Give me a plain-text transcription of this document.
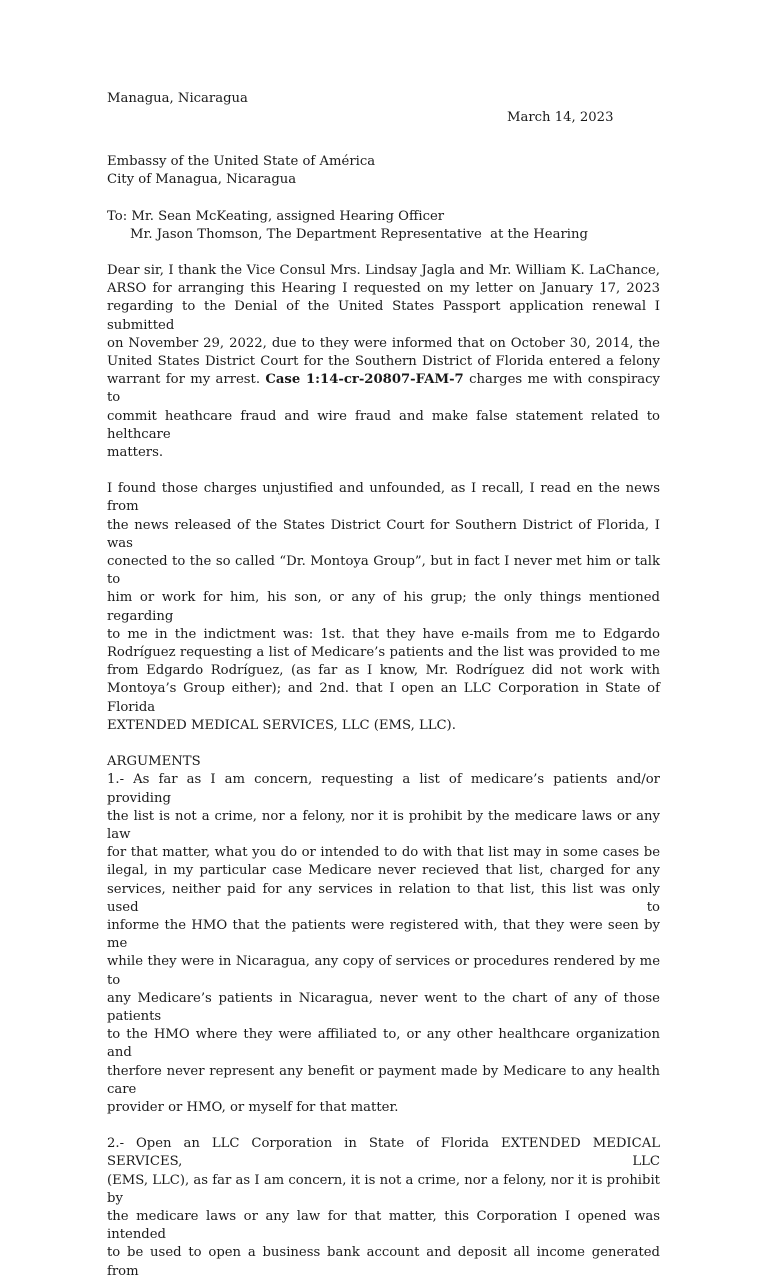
March 14, 2023
Managua, Nicaragua
Embassy of the United State of América
City of Managua, Nicaragua
To: Mr. Sean McKeating, assigned Hearing Officer
Mr. Jason Thomson, The Department Representative  at the Hearing
Dear sir, I thank the Vice Consul Mrs. Lindsay Jagla and Mr. William K. LaChance,
ARSO for arranging this Hearing I requested on my letter on January 17, 2023
regarding to the Denial of the United States Passport application renewal I submitted
on November 29, 2022, due to they were informed that on October 30, 2014, the
United States District Court for the Southern District of Florida entered a felony
warrant for my arrest. Case 1:14-cr-20807-FAM-7 charges me with conspiracy to
commit heathcare fraud and wire fraud and make false statement related to helthcare
matters.
I found those charges unjustified and unfounded, as I recall, I read en the news from
the news released of the States District Court for Southern District of Florida, I was
conected to the so called “Dr. Montoya Group”, but in fact I never met him or talk to
him or work for him, his son, or any of his grup; the only things mentioned regarding
to me in the indictment was: 1st. that they have e-mails from me to Edgardo
Rodríguez requesting a list of Medicare’s patients and the list was provided to me
from Edgardo Rodríguez, (as far as I know, Mr. Rodríguez did not work with
Montoya’s Group either); and 2nd. that I open an LLC Corporation in State of Florida
EXTENDED MEDICAL SERVICES, LLC (EMS, LLC).
ARGUMENTS
1.- As far as I am concern, requesting a list of medicare’s patients and/or providing
the list is not a crime, nor a felony, nor it is prohibit by the medicare laws or any law
for that matter, what you do or intended to do with that list may in some cases be
ilegal, in my particular case Medicare never recieved that list, charged for any
services, neither paid for any services in relation to that list, this list was only used to
informe the HMO that the patients were registered with, that they were seen by me
while they were in Nicaragua, any copy of services or procedures rendered by me to
any Medicare’s patients in Nicaragua, never went to the chart of any of those patients
to the HMO where they were affiliated to, or any other healthcare organization and
therfore never represent any benefit or payment made by Medicare to any health care
provider or HMO, or myself for that matter.
2.- Open an LLC Corporation in State of Florida EXTENDED MEDICAL SERVICES, LLC
(EMS, LLC), as far as I am concern, it is not a crime, nor a felony, nor it is prohibit by
the medicare laws or any law for that matter, this Corporation I opened was intended
to be used to open a business bank account and deposit all income generated from
